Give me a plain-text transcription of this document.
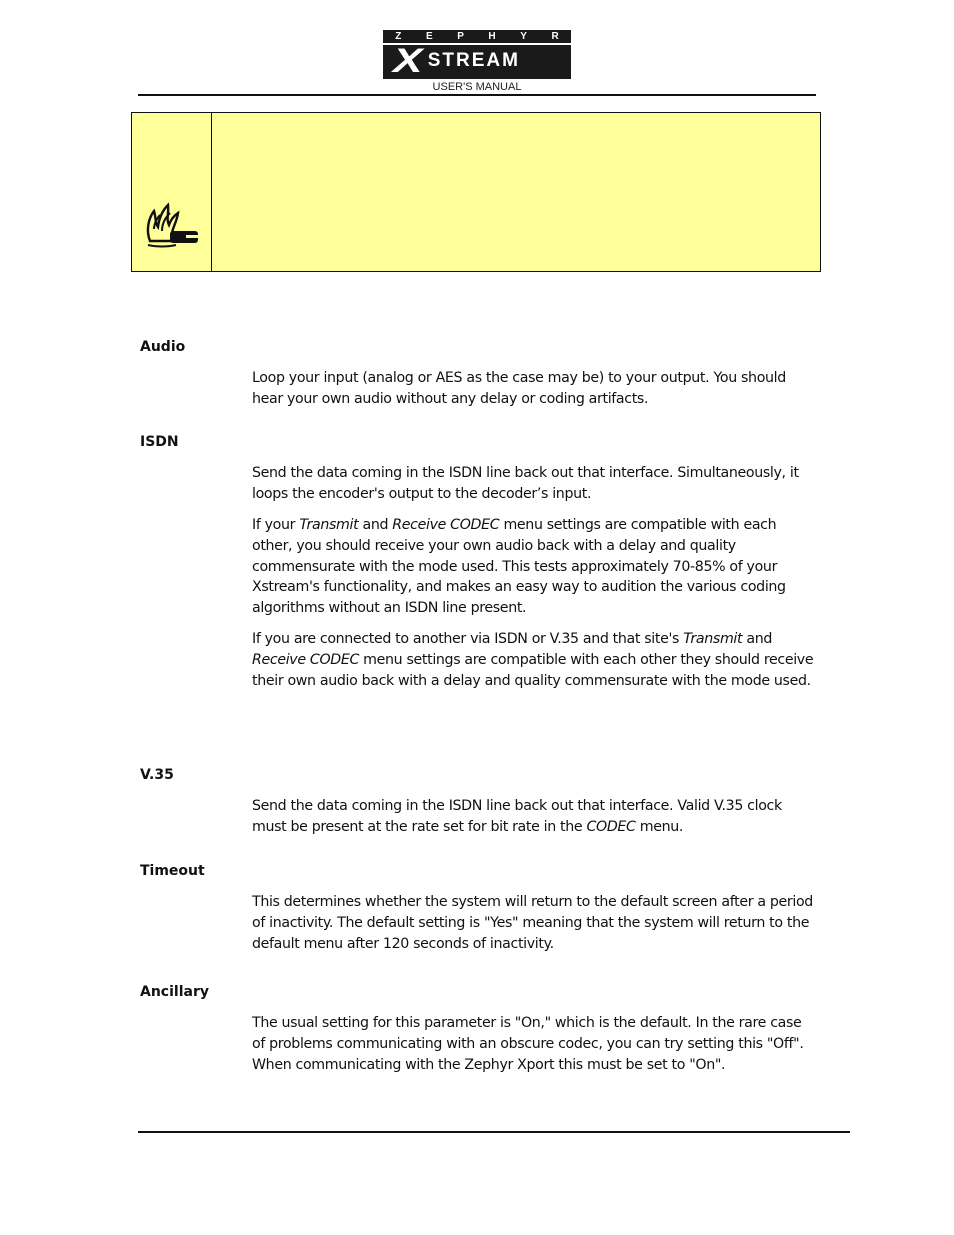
Z E P H Y R
X STREAM
USER'S MANUAL
Audio

Loop your input (analog or AES as the case may be) to your output. You should hear your own audio without any delay or coding artifacts.

ISDN

Send the data coming in the ISDN line back out that interface. Simultaneously, it loops the encoder's output to the decoder’s input.

If your Transmit and Receive CODEC menu settings are compatible with each other, you should receive your own audio back with a delay and quality commensurate with the mode used. This tests approximately 70-85% of your Xstream's functionality, and makes an easy way to audition the various coding algorithms without an ISDN line present.

If you are connected to another via ISDN or V.35 and that site's Transmit and Receive CODEC menu settings are compatible with each other they should receive their own audio back with a delay and quality commensurate with the mode used.

V.35

Send the data coming in the ISDN line back out that interface. Valid V.35 clock must be present at the rate set for bit rate in the CODEC menu.

Timeout

This determines whether the system will return to the default screen after a period of inactivity. The default setting is "Yes" meaning that the system will return to the default menu after 120 seconds of inactivity.

Ancillary

The usual setting for this parameter is "On," which is the default. In the rare case of problems communicating with an obscure codec, you can try setting this "Off". When communicating with the Zephyr Xport this must be set to "On".
